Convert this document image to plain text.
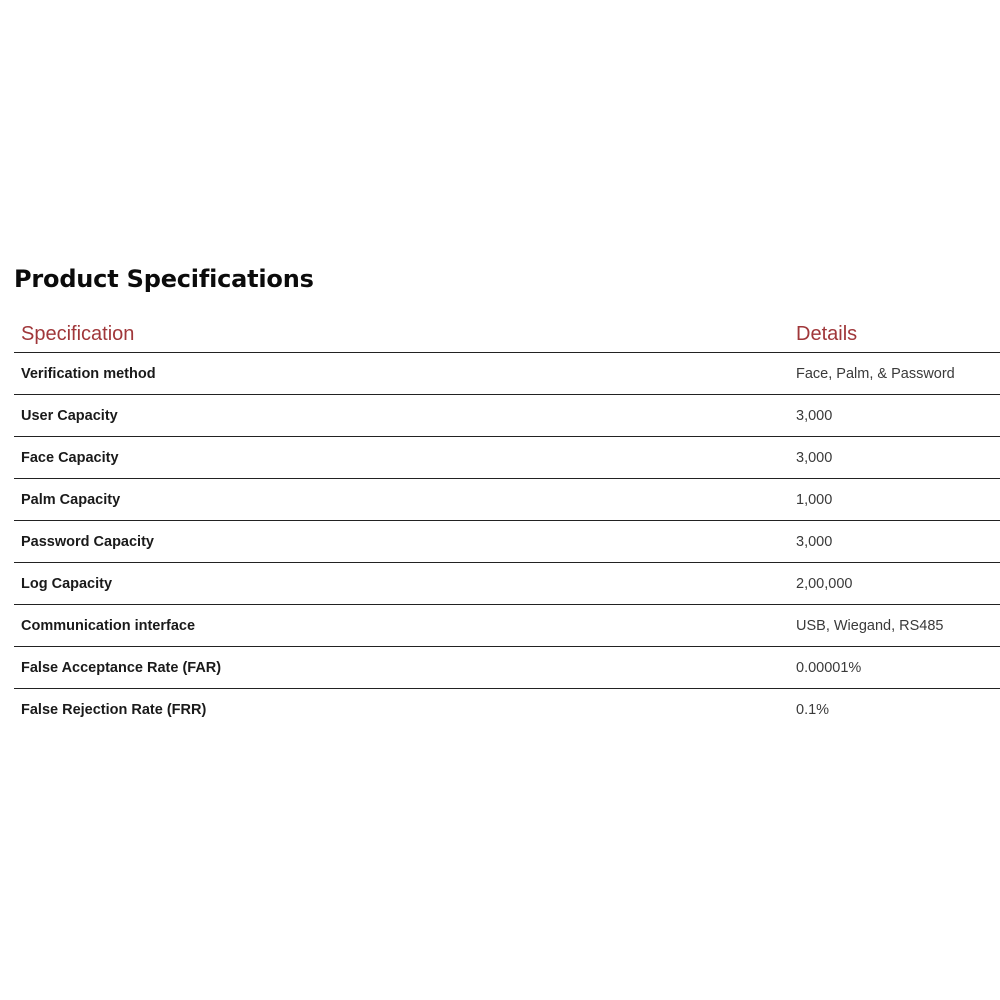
Product Specifications
Specification	Details
Verification method	Face, Palm, & Password
User Capacity	3,000
Face Capacity	3,000
Palm Capacity	1,000
Password Capacity	3,000
Log Capacity	2,00,000
Communication interface	USB, Wiegand, RS485
False Acceptance Rate (FAR)	0.00001%
False Rejection Rate (FRR)	0.1%
